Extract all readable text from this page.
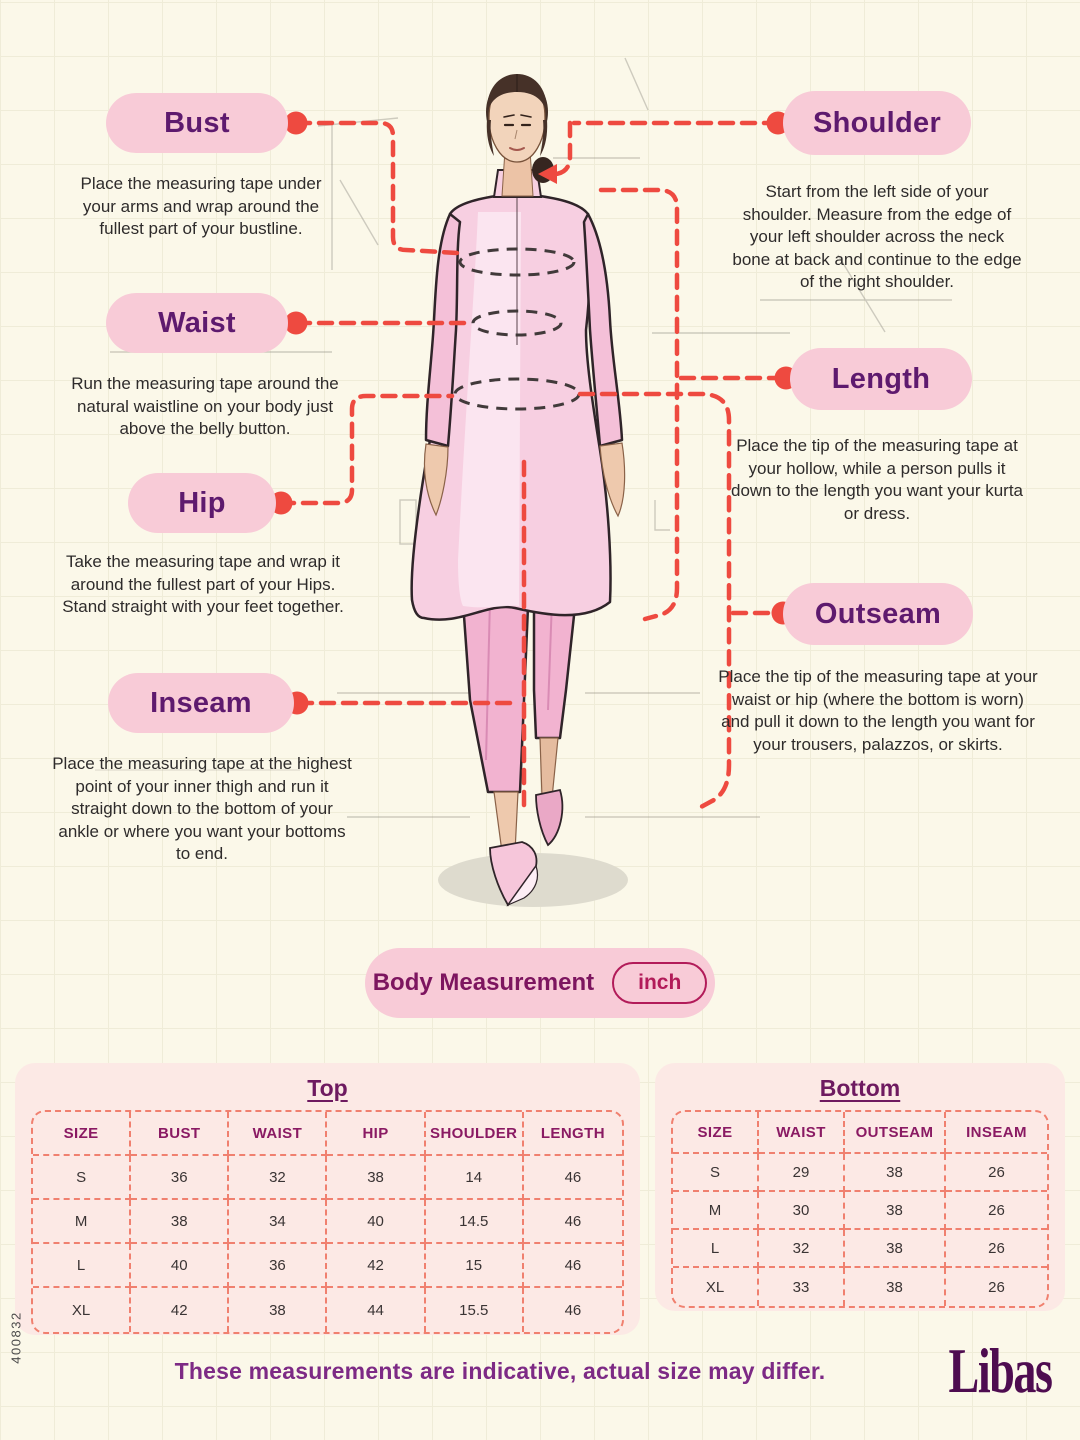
Bust
Place the measuring tape under your arms and wrap around the fullest part of your bustline.
Waist
Run the measuring tape around the natural waistline on your body just above the belly button.
Hip
Take the measuring tape and wrap it around the fullest part of your Hips. Stand straight with your feet together.
Inseam
Place the measuring tape at the highest point of your inner thigh and run it straight down to the bottom of your ankle or where you want your bottoms to end.
Shoulder
Start from the left side of your shoulder. Measure from the edge of your left shoulder across the neck bone at back and continue to the edge of the right shoulder.
Length
Place the tip of the measuring tape at your hollow, while a person pulls it down to the length you want your kurta or dress.
Outseam
Place the tip of the measuring tape at your waist or hip (where the bottom is worn) and pull it down to the length you want for your trousers, palazzos, or skirts.
Body Measurement	inch
Top
SIZE	BUST	WAIST	HIP	SHOULDER	LENGTH
S	36	32	38	14	46
M	38	34	40	14.5	46
L	40	36	42	15	46
XL	42	38	44	15.5	46
Bottom
SIZE	WAIST	OUTSEAM	INSEAM
S	29	38	26
M	30	38	26
L	32	38	26
XL	33	38	26
These measurements are indicative, actual size may differ.	Libas
400832
